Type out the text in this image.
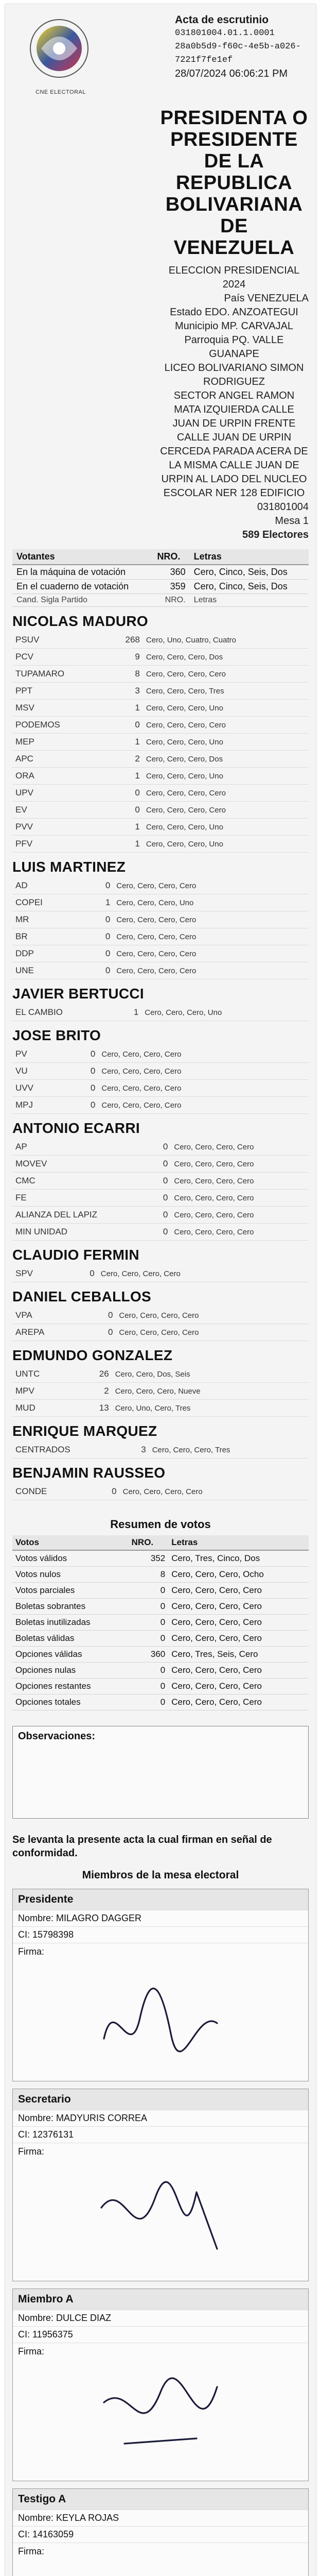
CNE ELECTORAL
Acta de escrutinio
031801004.01.1.0001
28a0b5d9-f60c-4e5b-a026-7221f7fe1ef
28/07/2024 06:06:21 PM
PRESIDENTA O PRESIDENTE DE LA REPUBLICA BOLIVARIANA DE VENEZUELA
ELECCION PRESIDENCIAL 2024
País VENEZUELA
Estado EDO. ANZOATEGUI
Municipio MP. CARVAJAL
Parroquia PQ. VALLE GUANAPE
LICEO BOLIVARIANO SIMON RODRIGUEZ
SECTOR ANGEL RAMON MATA IZQUIERDA CALLE JUAN DE URPIN FRENTE CALLE JUAN DE URPIN CERCEDA PARADA ACERA DE LA MISMA CALLE JUAN DE URPIN AL LADO DEL NUCLEO ESCOLAR NER 128 EDIFICIO
031801004
Mesa 1
589 Electores
Votantes	NRO.	Letras
En la máquina de votación	360	Cero, Cinco, Seis, Dos
En el cuaderno de votación	359	Cero, Cinco, Seis, Dos
Cand. Sigla Partido	NRO.	Letras
NICOLAS MADURO
PSUV	268	Cero, Uno, Cuatro, Cuatro
PCV	9	Cero, Cero, Cero, Dos
TUPAMARO	8	Cero, Cero, Cero, Cero
PPT	3	Cero, Cero, Cero, Tres
MSV	1	Cero, Cero, Cero, Uno
PODEMOS	0	Cero, Cero, Cero, Cero
MEP	1	Cero, Cero, Cero, Uno
APC	2	Cero, Cero, Cero, Dos
ORA	1	Cero, Cero, Cero, Uno
UPV	0	Cero, Cero, Cero, Cero
EV	0	Cero, Cero, Cero, Cero
PVV	1	Cero, Cero, Cero, Uno
PFV	1	Cero, Cero, Cero, Uno
LUIS MARTINEZ
AD	0	Cero, Cero, Cero, Cero
COPEI	1	Cero, Cero, Cero, Uno
MR	0	Cero, Cero, Cero, Cero
BR	0	Cero, Cero, Cero, Cero
DDP	0	Cero, Cero, Cero, Cero
UNE	0	Cero, Cero, Cero, Cero
JAVIER BERTUCCI
EL CAMBIO	1	Cero, Cero, Cero, Uno
JOSE BRITO
PV	0	Cero, Cero, Cero, Cero
VU	0	Cero, Cero, Cero, Cero
UVV	0	Cero, Cero, Cero, Cero
MPJ	0	Cero, Cero, Cero, Cero
ANTONIO ECARRI
AP	0	Cero, Cero, Cero, Cero
MOVEV	0	Cero, Cero, Cero, Cero
CMC	0	Cero, Cero, Cero, Cero
FE	0	Cero, Cero, Cero, Cero
ALIANZA DEL LAPIZ	0	Cero, Cero, Cero, Cero
MIN UNIDAD	0	Cero, Cero, Cero, Cero
CLAUDIO FERMIN
SPV	0	Cero, Cero, Cero, Cero
DANIEL CEBALLOS
VPA	0	Cero, Cero, Cero, Cero
AREPA	0	Cero, Cero, Cero, Cero
EDMUNDO GONZALEZ
UNTC	26	Cero, Cero, Dos, Seis
MPV	2	Cero, Cero, Cero, Nueve
MUD	13	Cero, Uno, Cero, Tres
ENRIQUE MARQUEZ
CENTRADOS	3	Cero, Cero, Cero, Tres
BENJAMIN RAUSSEO
CONDE	0	Cero, Cero, Cero, Cero
Resumen de votos
Votos	NRO.	Letras
Votos válidos	352	Cero, Tres, Cinco, Dos
Votos nulos	8	Cero, Cero, Cero, Ocho
Votos parciales	0	Cero, Cero, Cero, Cero
Boletas sobrantes	0	Cero, Cero, Cero, Cero
Boletas inutilizadas	0	Cero, Cero, Cero, Cero
Boletas válidas	0	Cero, Cero, Cero, Cero
Opciones válidas	360	Cero, Tres, Seis, Cero
Opciones nulas	0	Cero, Cero, Cero, Cero
Opciones restantes	0	Cero, Cero, Cero, Cero
Opciones totales	0	Cero, Cero, Cero, Cero
Observaciones:
Se levanta la presente acta la cual firman en señal de conformidad.
Miembros de la mesa electoral
Presidente
Nombre: MILAGRO DAGGER
CI: 15798398
Firma:
Secretario
Nombre: MADYURIS CORREA
CI: 12376131
Firma:
Miembro A
Nombre: DULCE DIAZ
CI: 11956375
Firma:
Testigo A
Nombre: KEYLA ROJAS
CI: 14163059
Firma:
